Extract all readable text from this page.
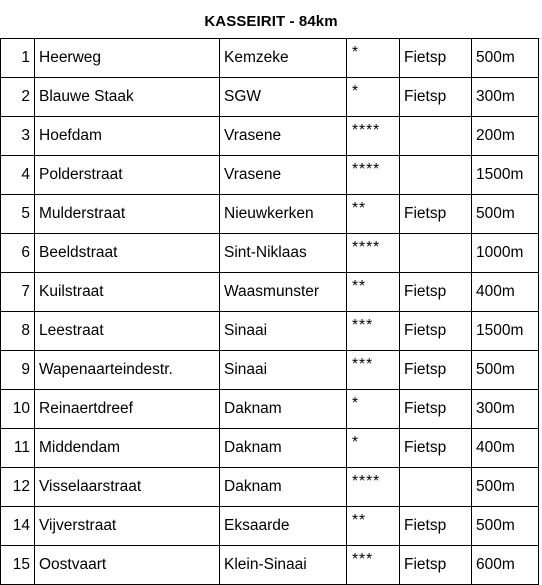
KASSEIRIT - 84km
1	Heerweg	Kemzeke	*	Fietsp	500m
2	Blauwe Staak	SGW	*	Fietsp	300m
3	Hoefdam	Vrasene	****		200m
4	Polderstraat	Vrasene	****		1500m
5	Mulderstraat	Nieuwkerken	**	Fietsp	500m
6	Beeldstraat	Sint-Niklaas	****		1000m
7	Kuilstraat	Waasmunster	**	Fietsp	400m
8	Leestraat	Sinaai	***	Fietsp	1500m
9	Wapenaarteindestr.	Sinaai	***	Fietsp	500m
10	Reinaertdreef	Daknam	*	Fietsp	300m
11	Middendam	Daknam	*	Fietsp	400m
12	Visselaarstraat	Daknam	****		500m
14	Vijverstraat	Eksaarde	**	Fietsp	500m
15	Oostvaart	Klein-Sinaai	***	Fietsp	600m
